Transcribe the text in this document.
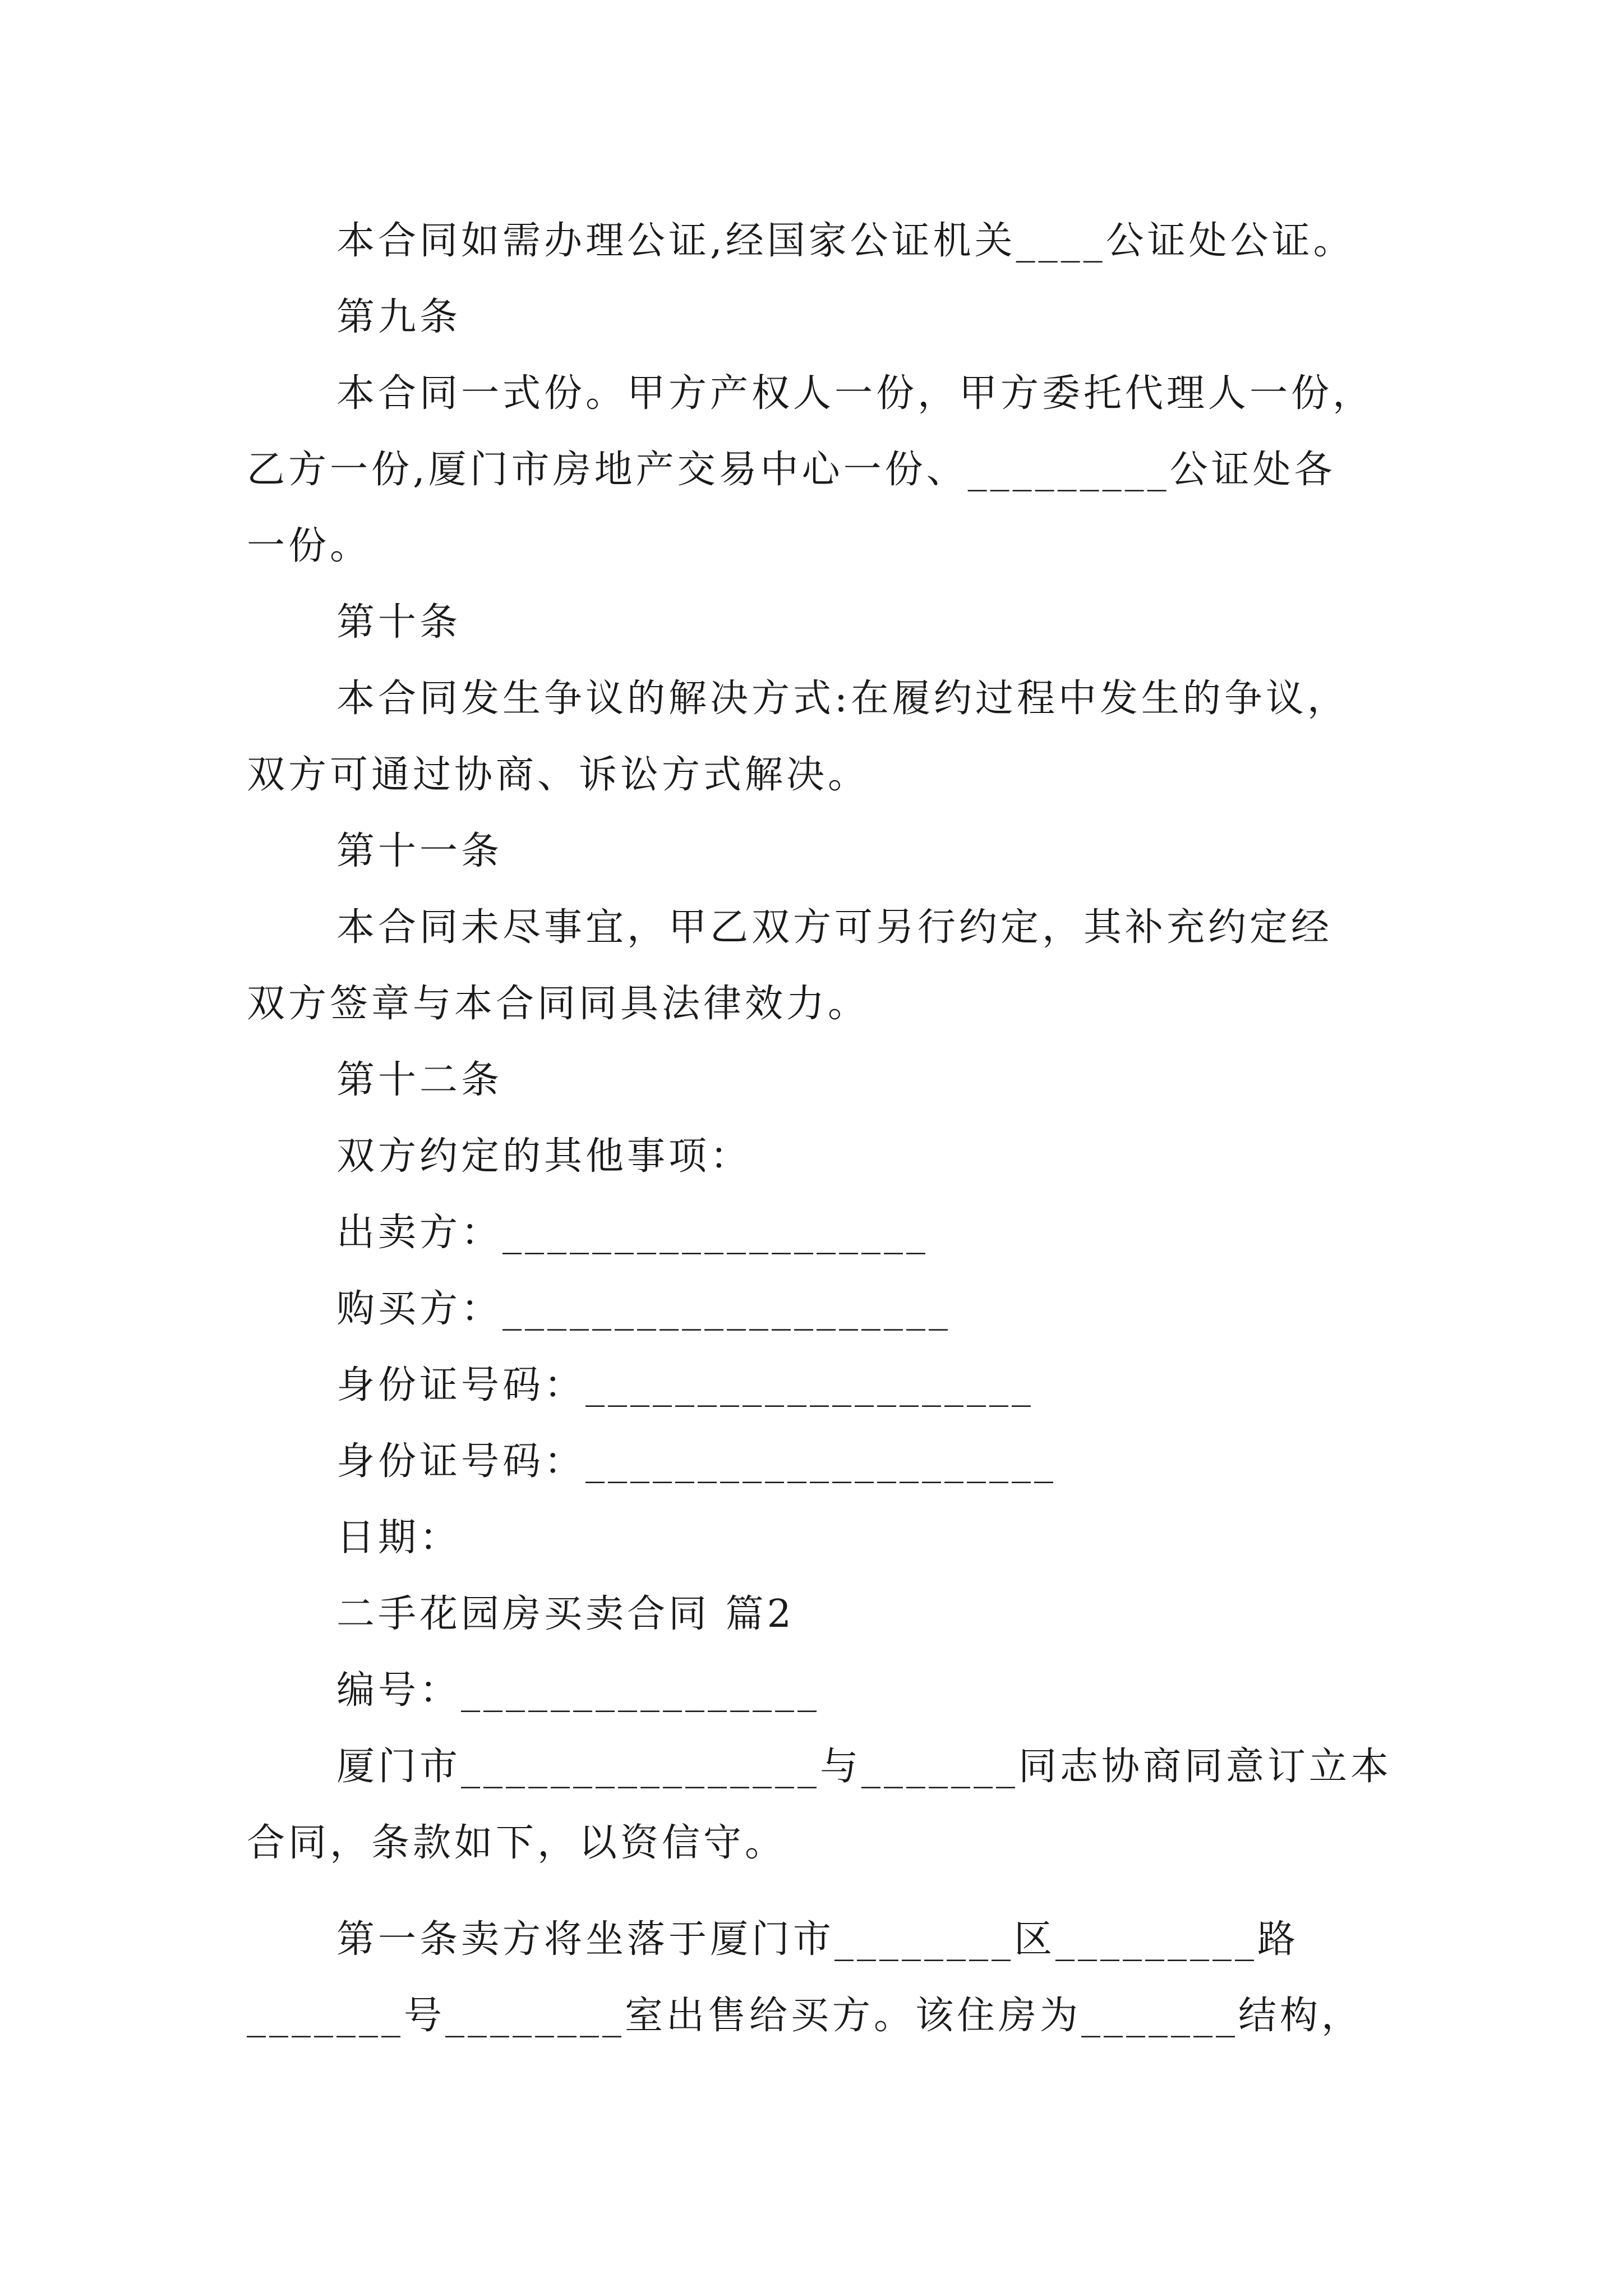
本合同如需办理公证,经国家公证机关____公证处公证。
第九条
本合同一式份。甲方产权人一份，甲方委托代理人一份，
乙方一份,厦门市房地产交易中心一份、_________公证处各
一份。
第十条
本合同发生争议的解决方式:在履约过程中发生的争议，
双方可通过协商、诉讼方式解决。
第十一条
本合同未尽事宜，甲乙双方可另行约定，其补充约定经
双方签章与本合同同具法律效力。
第十二条
双方约定的其他事项：
出卖方：___________________
购买方：____________________
身份证号码：____________________
身份证号码：_____________________
日期：
二手花园房买卖合同 篇2
编号：________________
厦门市________________与_______同志协商同意订立本
合同，条款如下，以资信守。
第一条卖方将坐落于厦门市________区_________路
_______号________室出售给买方。该住房为_______结构，
